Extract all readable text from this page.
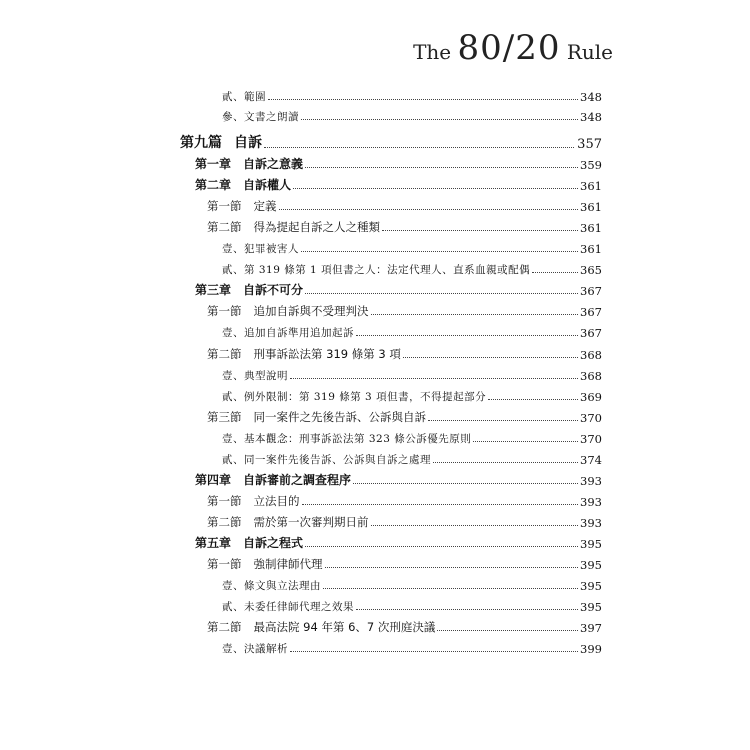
The 80/20 Rule
貳、範圍	348
參、文書之朗讀	348
第九篇 自訴	357
第一章 自訴之意義	359
第二章 自訴權人	361
第一節 定義	361
第二節 得為提起自訴之人之種類	361
壹、犯罪被害人	361
貳、第 319 條第 1 項但書之人：法定代理人、直系血親或配偶	365
第三章 自訴不可分	367
第一節 追加自訴與不受理判決	367
壹、追加自訴準用追加起訴	367
第二節 刑事訴訟法第 319 條第 3 項	368
壹、典型說明	368
貳、例外限制：第 319 條第 3 項但書，不得提起部分	369
第三節 同一案件之先後告訴、公訴與自訴	370
壹、基本觀念：刑事訴訟法第 323 條公訴優先原則	370
貳、同一案件先後告訴、公訴與自訴之處理	374
第四章 自訴審前之調查程序	393
第一節 立法目的	393
第二節 需於第一次審判期日前	393
第五章 自訴之程式	395
第一節 強制律師代理	395
壹、條文與立法理由	395
貳、未委任律師代理之效果	395
第二節 最高法院 94 年第 6、7 次刑庭決議	397
壹、決議解析	399
